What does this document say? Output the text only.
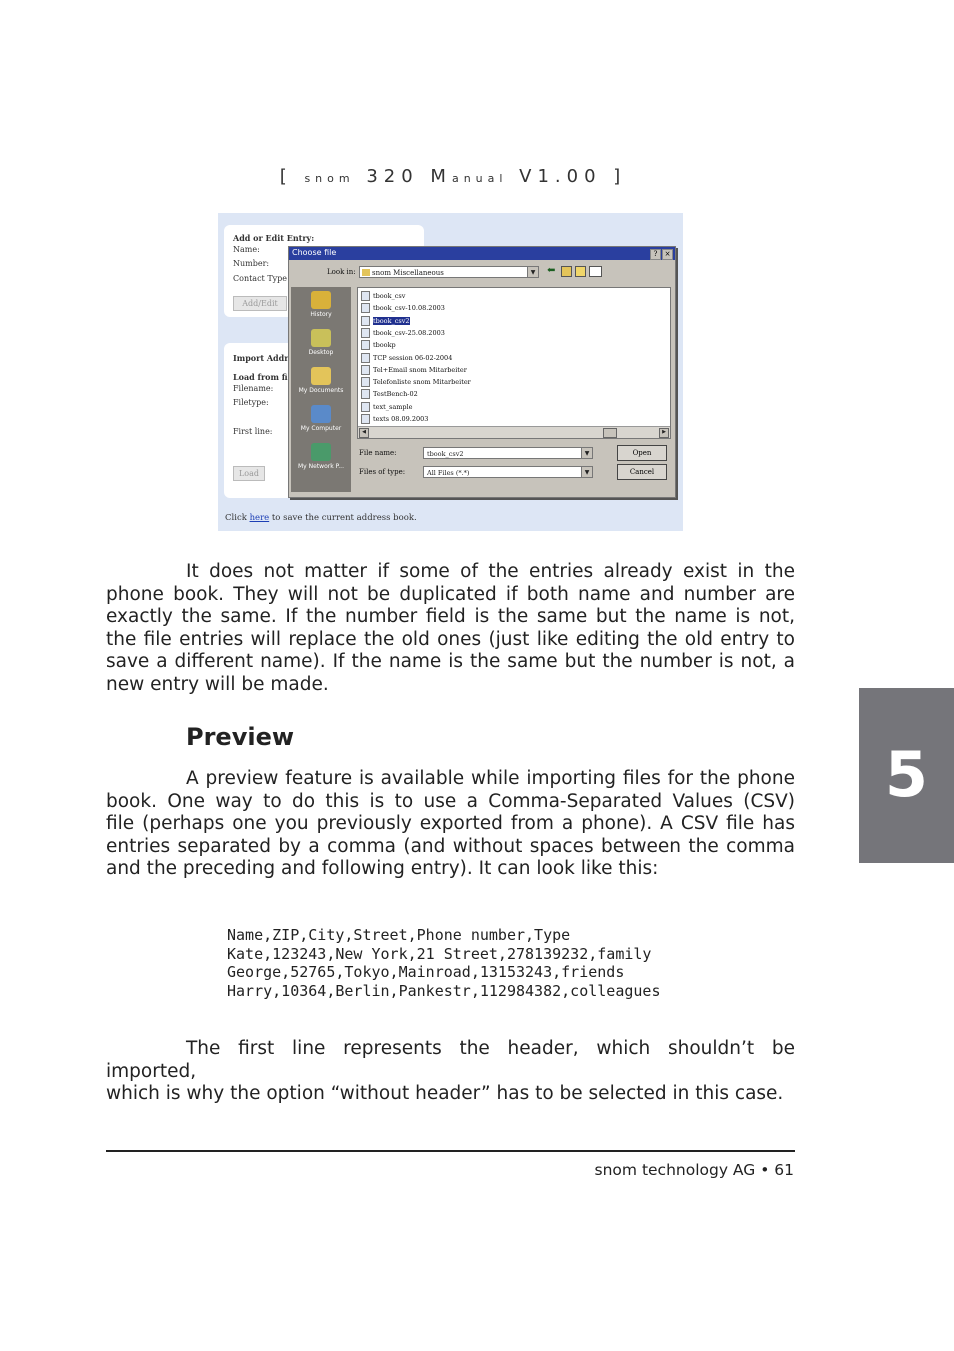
[ snom 320 Manual V1.00 ]
Add or Edit Entry:
Name:
Number:
Contact Type
Add/Edit
Import Addr
Load from fi
Filename:
Filetype:
First line:
Load
Click here to save the current address book.
Choose file	?	×
Look in:	snom Miscellaneous	▼ ⬅
History
Desktop
My Documents
My Computer
My Network P...
texts 08.09.2003
text_sample
TestBench-02
Telefonliste snom Mitarbeiter
Tel+Email snom Mitarbeiter
TCP session 06-02-2004
tbookp
tbook_csv-25.08.2003
tbook_csv2
tbook_csv-10.08.2003
tbook_csv
◀	▶
File name:	tbook_csv2	▼
Files of type:	All Files (*.*)	▼
Open
Cancel
It does not matter if some of the entries already exist in the
phone book. They will not be duplicated if both name and number are
exactly the same. If the number field is the same but the name is not,
the file entries will replace the old ones (just like editing the old entry to
save a different name). If the name is the same but the number is not, a
new entry will be made.
Preview
A preview feature is available while importing files for the phone
book. One way to do this is to use a Comma-Separated Values (CSV)
file (perhaps one you previously exported from a phone). A CSV file has
entries separated by a comma (and without spaces between the comma
and the preceding and following entry). It can look like this:
Name,ZIP,City,Street,Phone number,Type
Kate,123243,New York,21 Street,278139232,family
George,52765,Tokyo,Mainroad,13153243,friends
Harry,10364,Berlin,Pankestr,112984382,colleagues
The first line represents the header, which shouldn’t be imported,
which is why the option “without header” has to be selected in this case.
snom technology AG • 61
5
